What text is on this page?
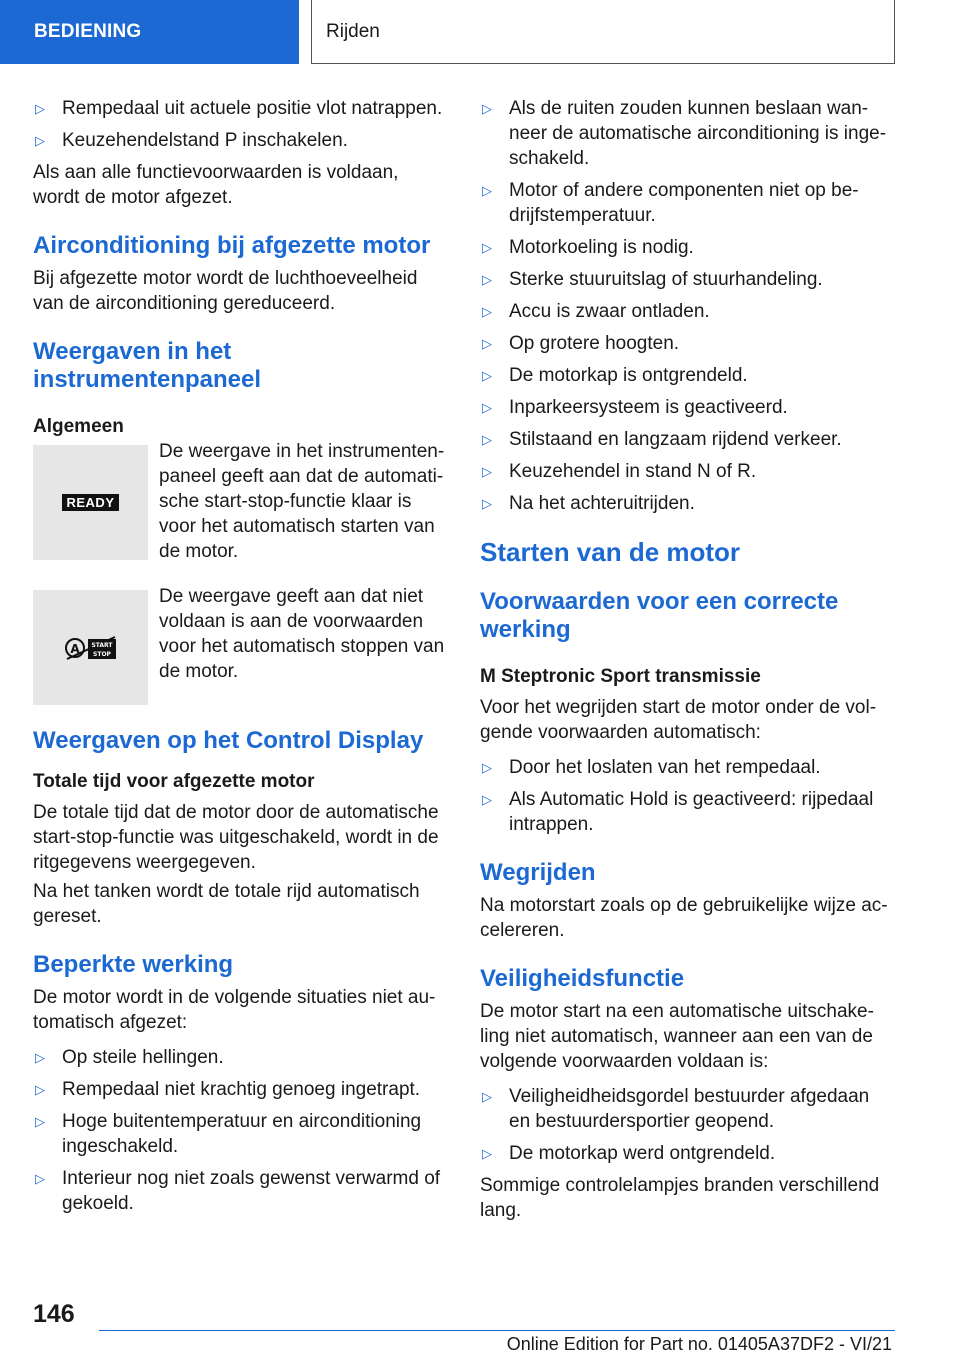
BEDIENING	Rijden
▷ Rempedaal uit actuele positie vlot natrappen.
▷ Keuzehendelstand P inschakelen.

Als aan alle functievoorwaarden is voldaan, wordt de motor afgezet.

Airconditioning bij afgezette motor

Bij afgezette motor wordt de luchthoeveelheid van de airconditioning gereduceerd.

Weergaven in het instrumentenpaneel
Algemeen
READY
De weergave in het instrumenten-paneel geeft aan dat de automati-sche start-stop-functie klaar is voor het automatisch starten van de motor.
A START
STOP
De weergave geeft aan dat niet voldaan is aan de voorwaarden voor het automatisch stoppen van de motor.
Weergaven op het Control Display
Totale tijd voor afgezette motor

De totale tijd dat de motor door de automatische start-stop-functie was uitgeschakeld, wordt in de ritgegevens weergegeven.

Na het tanken wordt de totale rijd automatisch gereset.

Beperkte werking

De motor wordt in de volgende situaties niet au-tomatisch afgezet:

▷ Op steile hellingen.
▷ Rempedaal niet krachtig genoeg ingetrapt.
▷ Hoge buitentemperatuur en airconditioning ingeschakeld.
▷ Interieur nog niet zoals gewenst verwarmd of gekoeld.
▷ Als de ruiten zouden kunnen beslaan wan-neer de automatische airconditioning is inge-schakeld.
▷ Motor of andere componenten niet op be-drijfstemperatuur.
▷ Motorkoeling is nodig.
▷ Sterke stuuruitslag of stuurhandeling.
▷ Accu is zwaar ontladen.
▷ Op grotere hoogten.
▷ De motorkap is ontgrendeld.
▷ Inparkeersysteem is geactiveerd.
▷ Stilstaand en langzaam rijdend verkeer.
▷ Keuzehendel in stand N of R.
▷ Na het achteruitrijden.
Starten van de motor
Voorwaarden voor een correcte werking
M Steptronic Sport transmissie

Voor het wegrijden start de motor onder de vol-gende voorwaarden automatisch:

▷ Door het loslaten van het rempedaal.
▷ Als Automatic Hold is geactiveerd: rijpedaal intrappen.
Wegrijden

Na motorstart zoals op de gebruikelijke wijze ac-celereren.

Veiligheidsfunctie

De motor start na een automatische uitschake-ling niet automatisch, wanneer aan een van de volgende voorwaarden voldaan is:

▷ Veiligheidheidsgordel bestuurder afgedaan en bestuurdersportier geopend.
▷ De motorkap werd ontgrendeld.

Sommige controlelampjes branden verschillend lang.

146
Online Edition for Part no. 01405A37DF2 - VI/21
